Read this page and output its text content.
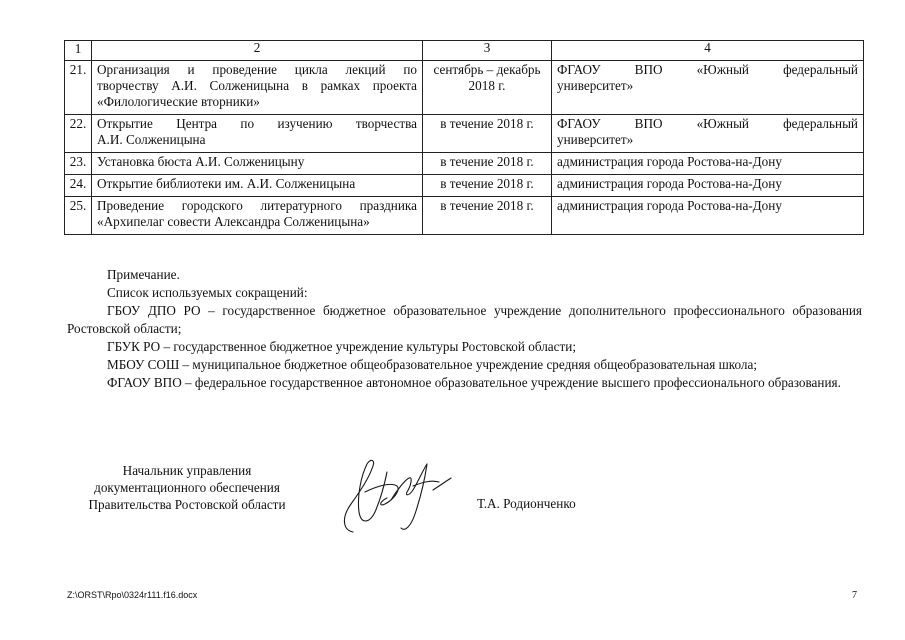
1	2	3	4
21.	Организация и проведение цикла лекций по
творчеству А.И. Солженицына в рамках проекта
«Филологические вторники»	сентябрь – декабрь
2018 г.	ФГАОУ ВПО «Южный федеральный
университет»

22.	Открытие Центра по изучению творчества
А.И. Солженицына	в течение 2018 г.	ФГАОУ ВПО «Южный федеральный
университет»

23.	Установка бюста А.И. Солженицыну	в течение 2018 г.	администрация города Ростова-на-Дону

24.	Открытие библиотеки им. А.И. Солженицына	в течение 2018 г.	администрация города Ростова-на-Дону

25.	Проведение городского литературного праздника
«Архипелаг совести Александра Солженицына»	в течение 2018 г.	администрация города Ростова-на-Дону

Примечание.

Список используемых сокращений:

ГБОУ ДПО РО – государственное бюджетное образовательное учреждение дополнительного профессионального образования Ростовской области;

ГБУК РО – государственное бюджетное учреждение культуры Ростовской области;

МБОУ СОШ – муниципальное бюджетное общеобразовательное учреждение средняя общеобразовательная школа;

ФГАОУ ВПО – федеральное государственное автономное образовательное учреждение высшего профессионального образования.

Начальник управления
документационного обеспечения
Правительства Ростовской области	Т.А. Родионченко
Z:\ORST\Rpo\0324r111.f16.docx	7
